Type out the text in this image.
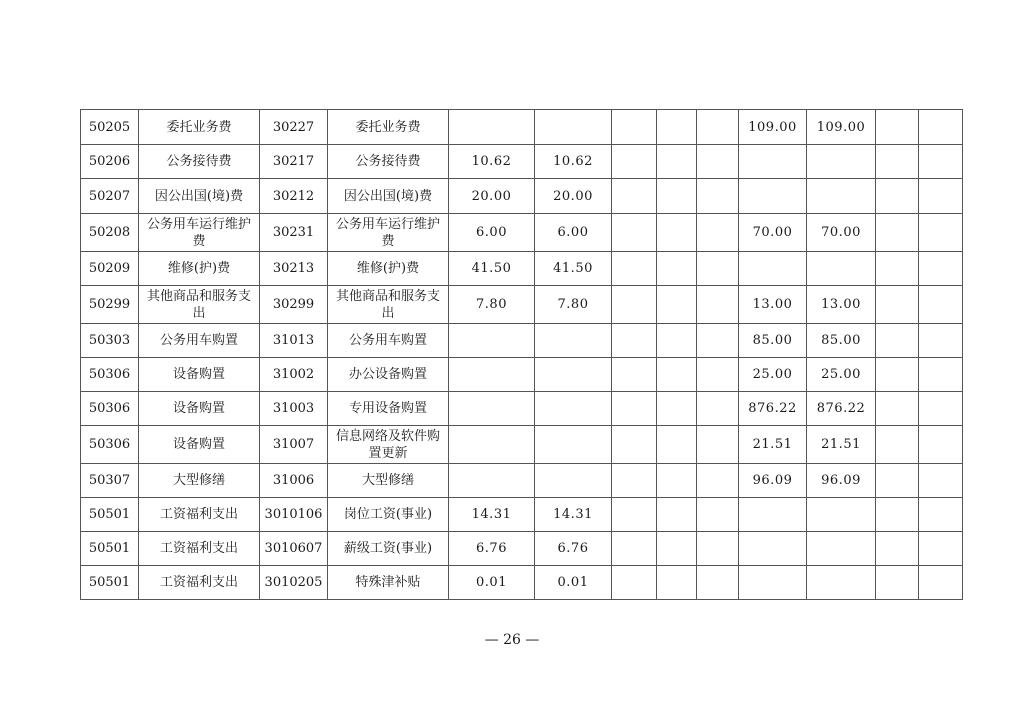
50205	委托业务费	30227	委托业务费						109.00	109.00		
50206	公务接待费	30217	公务接待费	10.62	10.62							
50207	因公出国(境)费	30212	因公出国(境)费	20.00	20.00							
50208	公务用车运行维护费	30231	公务用车运行维护费	6.00	6.00				70.00	70.00		
50209	维修(护)费	30213	维修(护)费	41.50	41.50							
50299	其他商品和服务支出	30299	其他商品和服务支出	7.80	7.80				13.00	13.00		
50303	公务用车购置	31013	公务用车购置						85.00	85.00		
50306	设备购置	31002	办公设备购置						25.00	25.00		
50306	设备购置	31003	专用设备购置						876.22	876.22		
50306	设备购置	31007	信息网络及软件购置更新						21.51	21.51		
50307	大型修缮	31006	大型修缮						96.09	96.09		
50501	工资福利支出	3010106	岗位工资(事业)	14.31	14.31							
50501	工资福利支出	3010607	薪级工资(事业)	6.76	6.76							
50501	工资福利支出	3010205	特殊津补贴	0.01	0.01							
— 26 —
